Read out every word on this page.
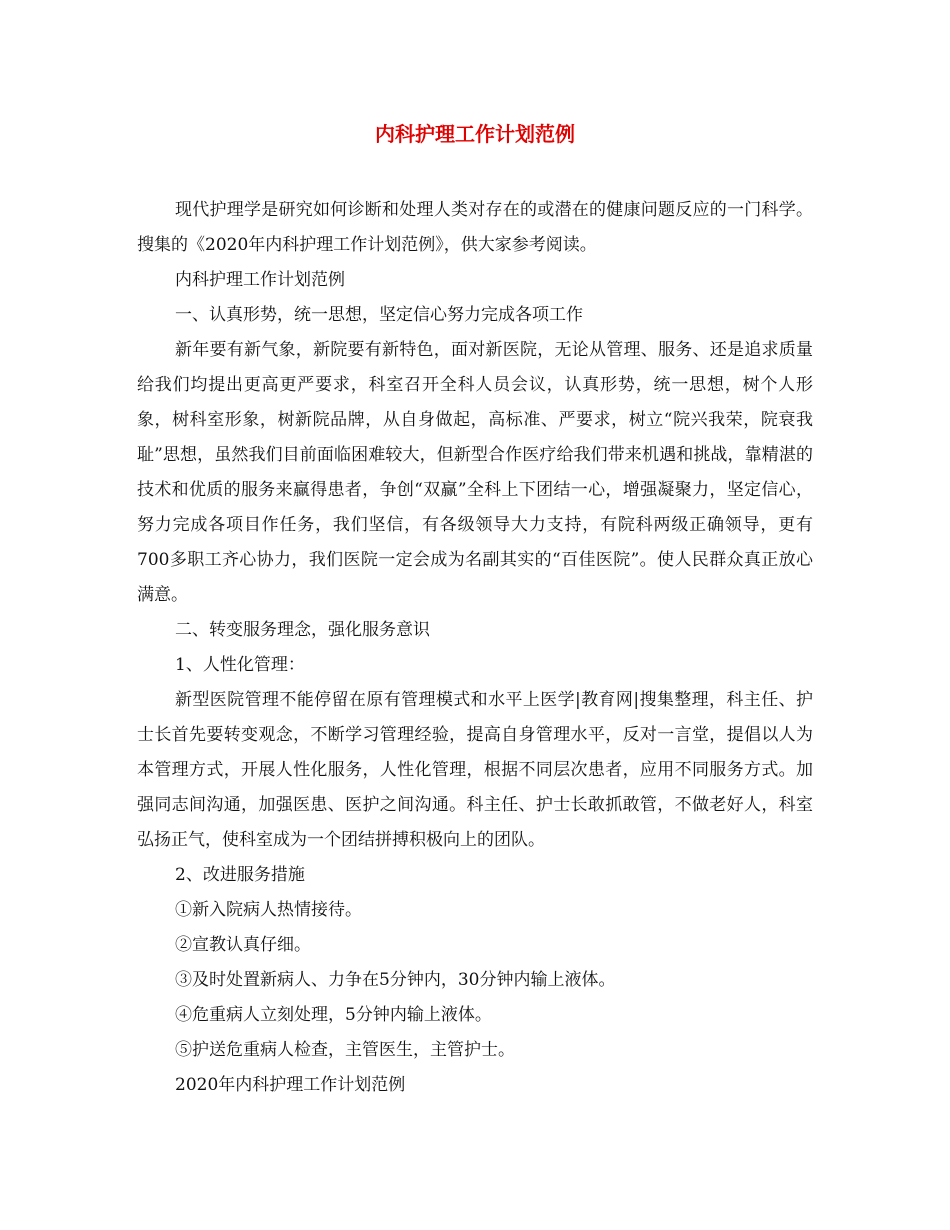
内科护理工作计划范例

现代护理学是研究如何诊断和处理人类对存在的或潜在的健康问题反应的一门科学。搜集的《2020年内科护理工作计划范例》，供大家参考阅读。

内科护理工作计划范例

一、认真形势，统一思想，坚定信心努力完成各项工作

新年要有新气象，新院要有新特色，面对新医院，无论从管理、服务、还是追求质量给我们均提出更高更严要求，科室召开全科人员会议，认真形势，统一思想，树个人形象，树科室形象，树新院品牌，从自身做起，高标准、严要求，树立“院兴我荣，院衰我耻”思想，虽然我们目前面临困难较大，但新型合作医疗给我们带来机遇和挑战，靠精湛的技术和优质的服务来赢得患者，争创“双赢”全科上下团结一心，增强凝聚力，坚定信心，努力完成各项目作任务，我们坚信，有各级领导大力支持，有院科两级正确领导，更有700多职工齐心协力，我们医院一定会成为名副其实的“百佳医院”。使人民群众真正放心满意。

二、转变服务理念，强化服务意识

1、人性化管理：

新型医院管理不能停留在原有管理模式和水平上医学|教育网|搜集整理，科主任、护士长首先要转变观念，不断学习管理经验，提高自身管理水平，反对一言堂，提倡以人为本管理方式，开展人性化服务，人性化管理，根据不同层次患者，应用不同服务方式。加强同志间沟通，加强医患、医护之间沟通。科主任、护士长敢抓敢管，不做老好人，科室弘扬正气，使科室成为一个团结拼搏积极向上的团队。

2、改进服务措施

①新入院病人热情接待。

②宣教认真仔细。

③及时处置新病人、力争在5分钟内，30分钟内输上液体。

④危重病人立刻处理，5分钟内输上液体。

⑤护送危重病人检查，主管医生，主管护士。

2020年内科护理工作计划范例
